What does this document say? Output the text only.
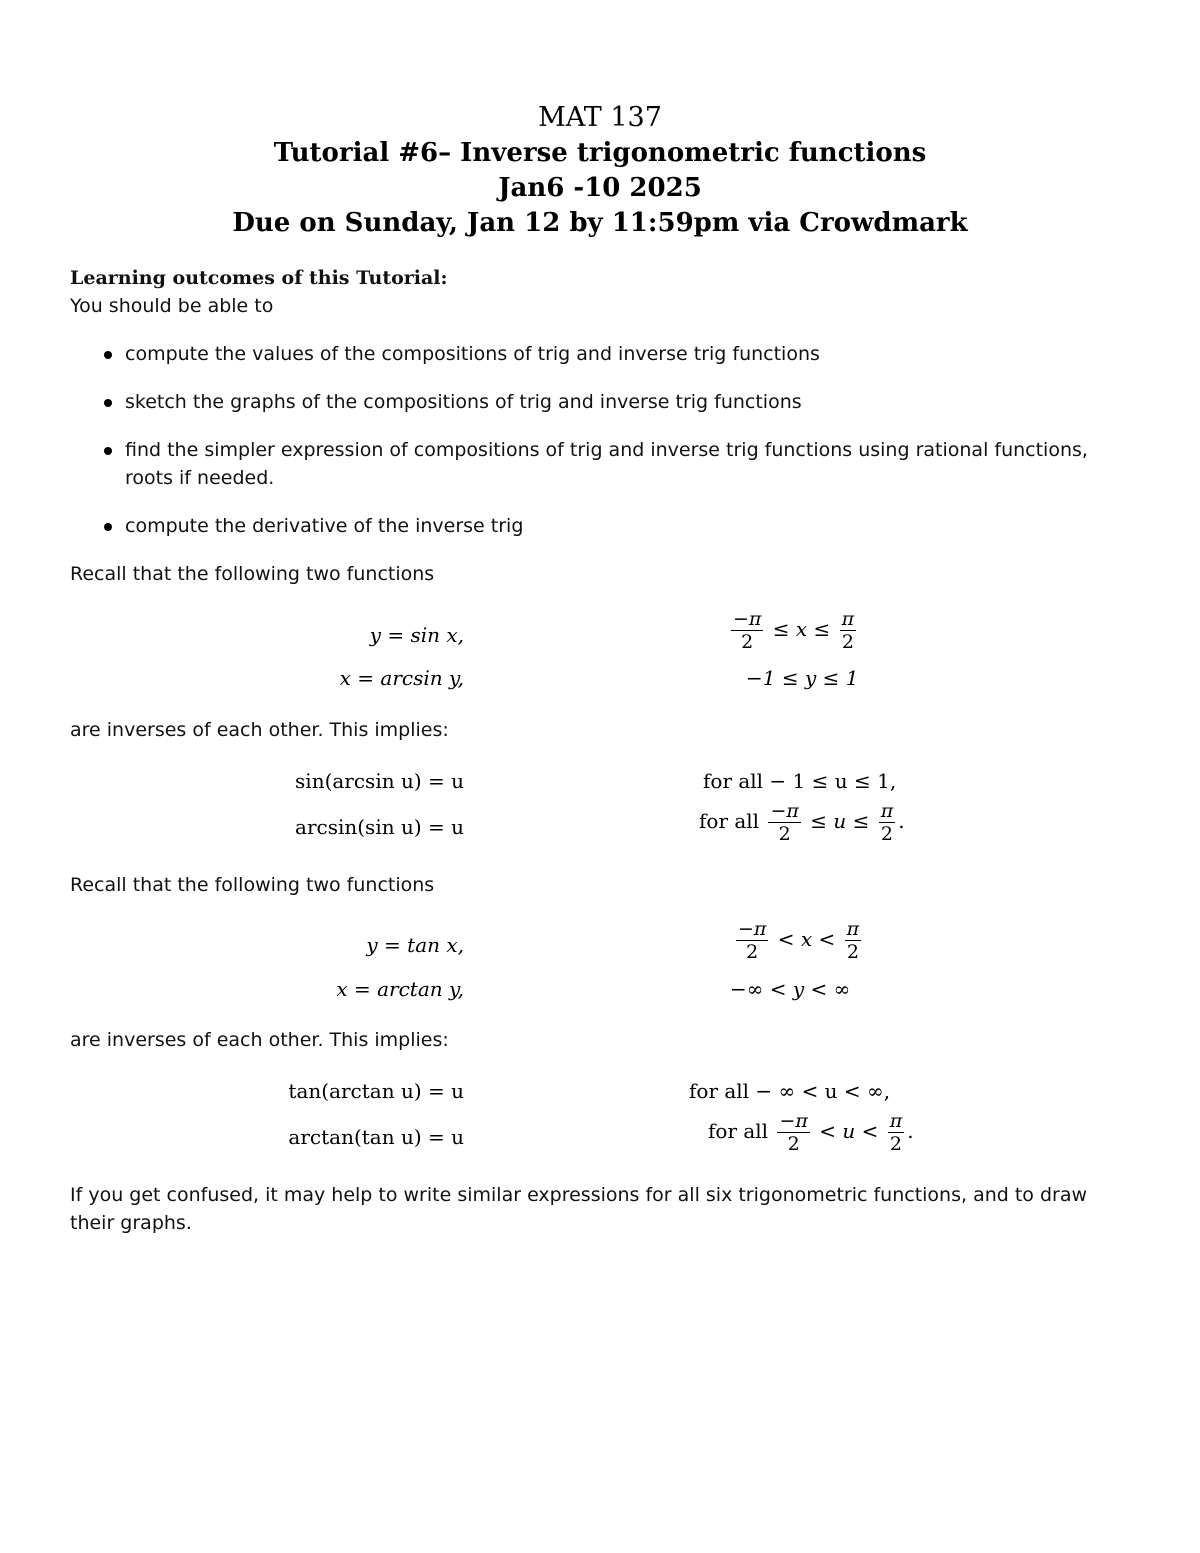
MAT 137
Tutorial #6– Inverse trigonometric functions
Jan6 -10 2025
Due on Sunday, Jan 12 by 11:59pm via Crowdmark
Learning outcomes of this Tutorial:
You should be able to
compute the values of the compositions of trig and inverse trig functions
sketch the graphs of the compositions of trig and inverse trig functions
find the simpler expression of compositions of trig and inverse trig functions using rational functions, roots if needed.
compute the derivative of the inverse trig
Recall that the following two functions
y = sin x,	$\frac{-\pi}{2} \le x \le \frac{\pi}{2}$
x = arcsin y,	−1 ≤ y ≤ 1
are inverses of each other. This implies:
sin(arcsin u) = u	for all − 1 ≤ u ≤ 1,
arcsin(sin u) = u	for all $\frac{-\pi}{2} \le u \le \frac{\pi}{2}$ .
Recall that the following two functions
y = tan x,	$\frac{-\pi}{2} < x < \frac{\pi}{2}$
x = arctan y,	−∞ < y < ∞
are inverses of each other. This implies:
tan(arctan u) = u	for all − ∞ < u < ∞,
arctan(tan u) = u	for all $\frac{-\pi}{2} < u < \frac{\pi}{2}$ .
If you get confused, it may help to write similar expressions for all six trigonometric functions, and to draw
their graphs.
